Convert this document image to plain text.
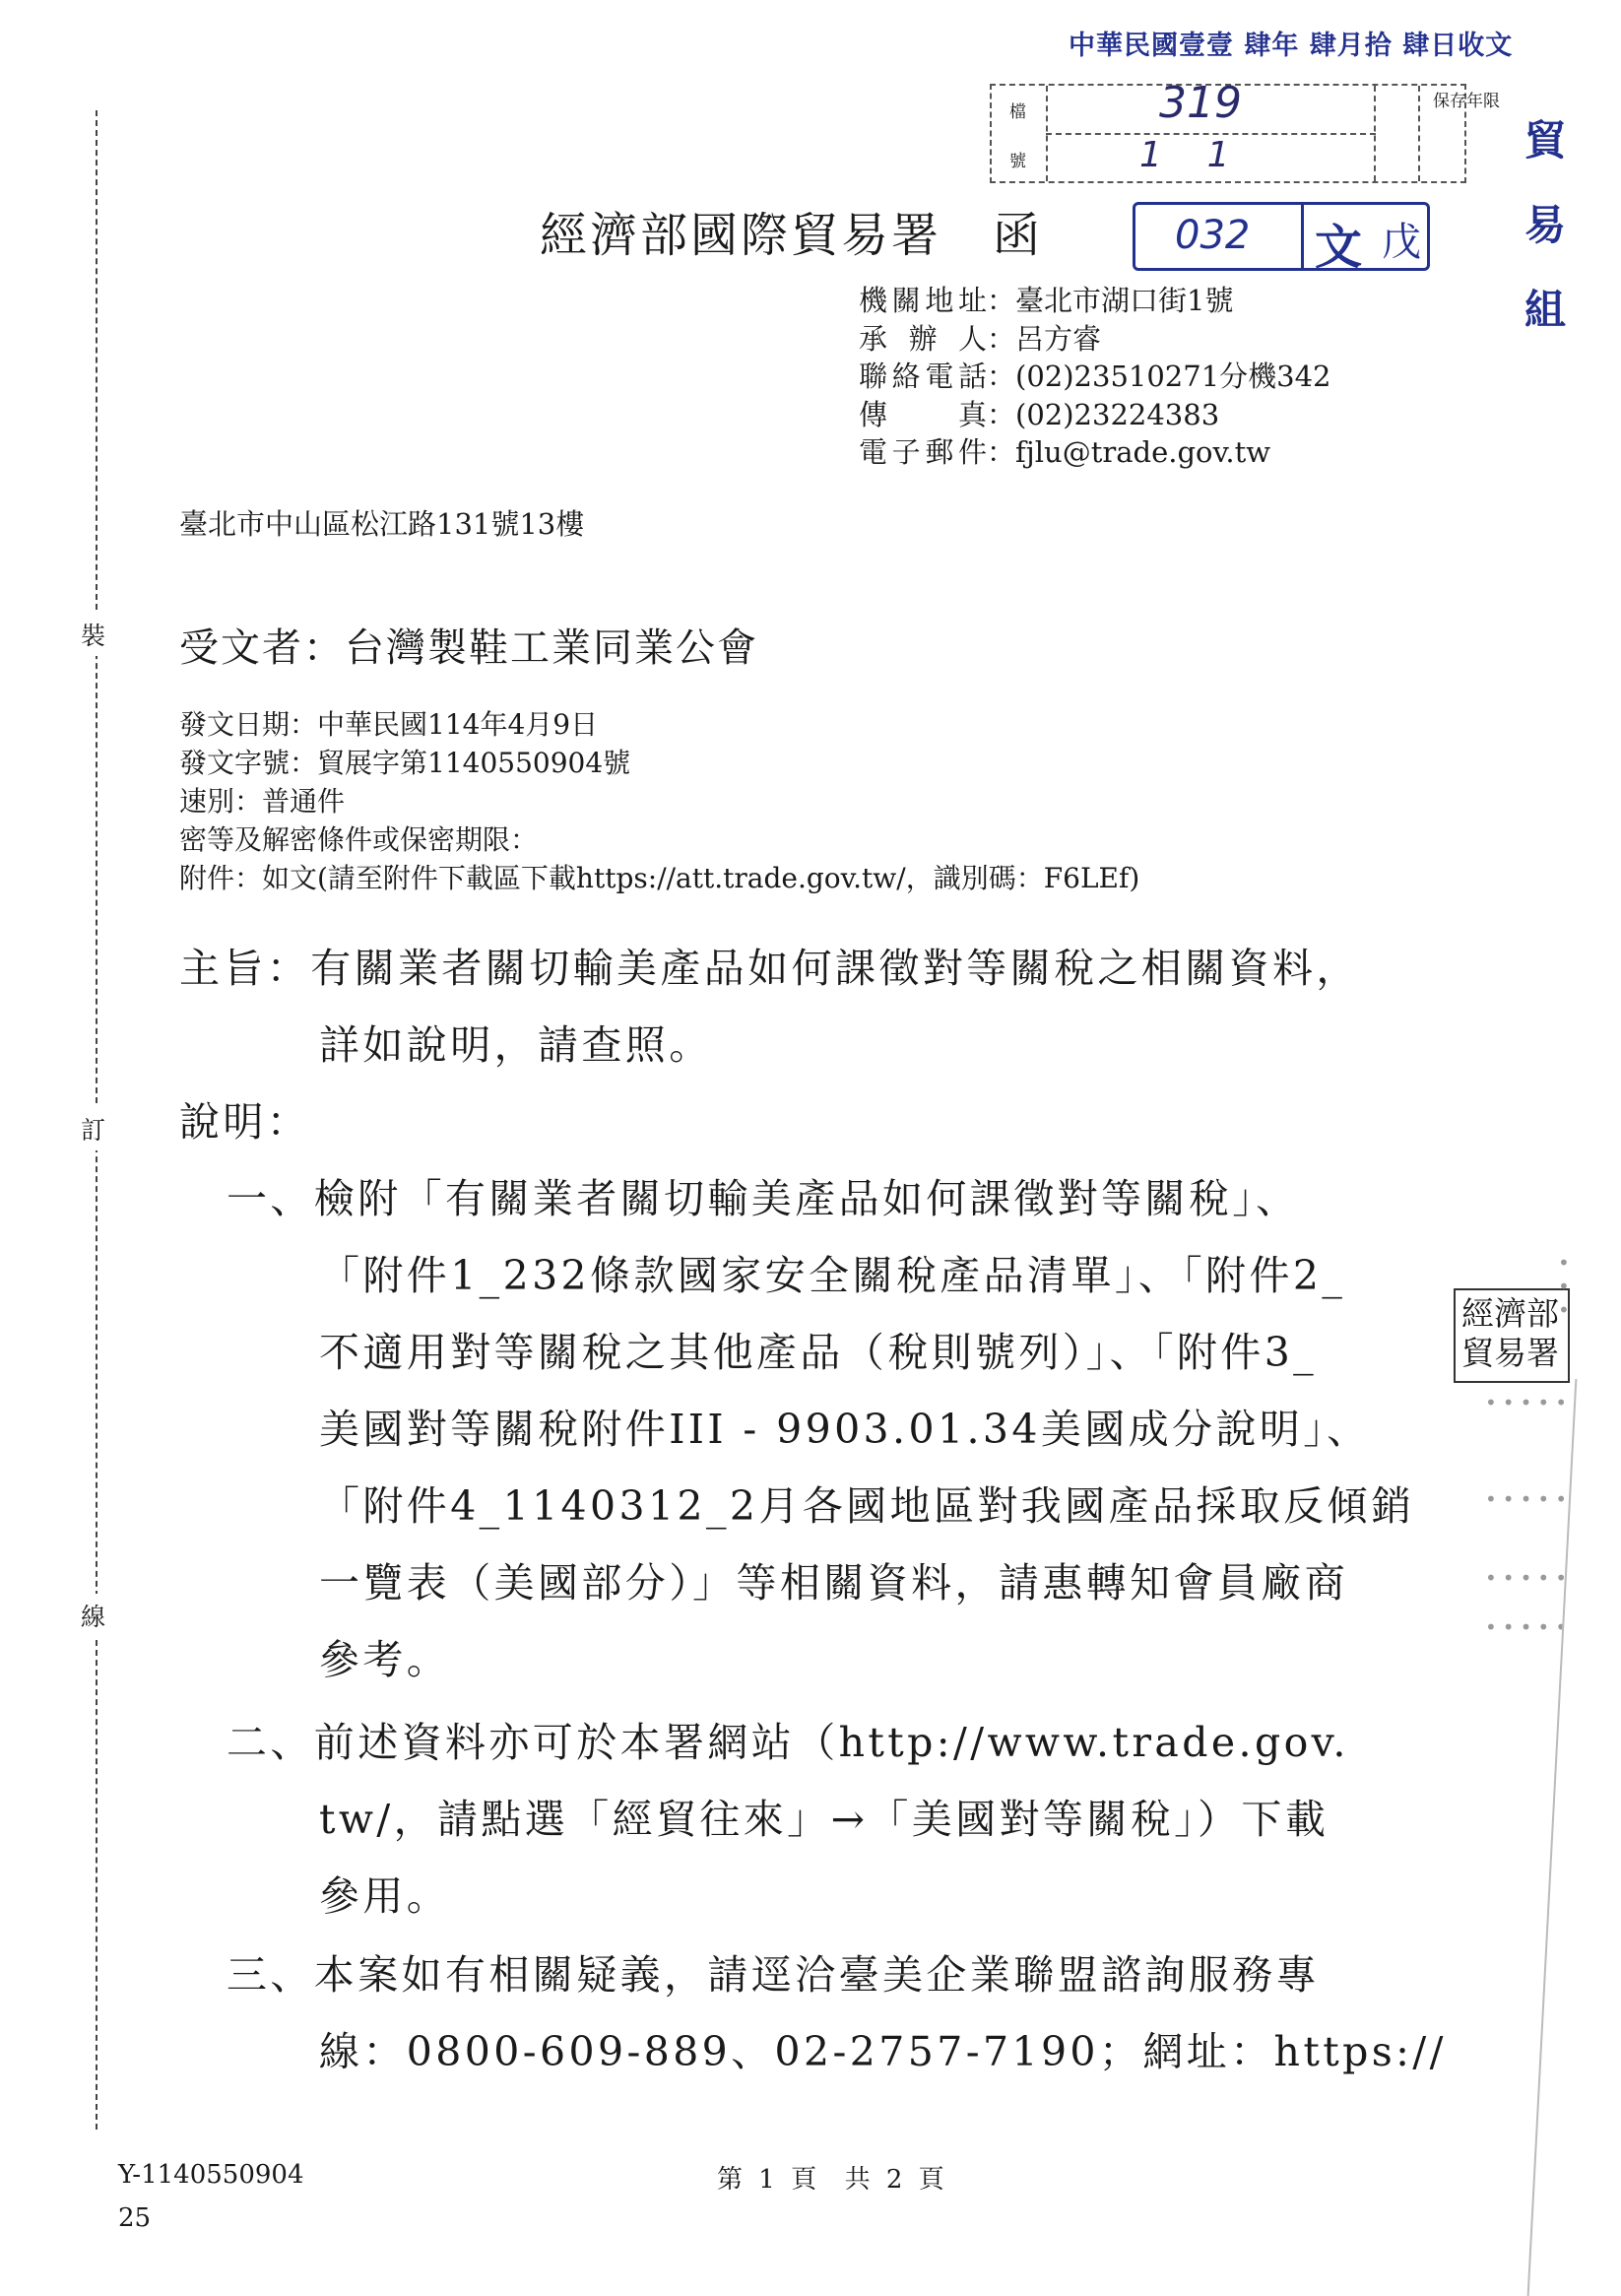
中華民國壹壹 肆年 肆月拾 肆日收文
檔
號
保存年限
319
1    1	貿
易
組
經濟部國際貿易署 函	032 文 戊
機關地址 ： 臺北市湖口街1號
承辦人 ： 呂方睿
聯絡電話 ： (02)23510271分機342
傳真 ： (02)23224383
電子郵件 ： fjlu@trade.gov.tw
臺北市中山區松江路131號13樓
裝
訂
線
受文者：台灣製鞋工業同業公會
發文日期：中華民國114年4月9日
發文字號：貿展字第1140550904號
速別：普通件
密等及解密條件或保密期限：
附件：如文(請至附件下載區下載https://att.trade.gov.tw/，識別碼：F6LEf)
主旨：有關業者關切輸美產品如何課徵對等關稅之相關資料，
詳如說明，請查照。
說明：
一、檢附「有關業者關切輸美產品如何課徵對等關稅」、
「附件1_232條款國家安全關稅產品清單」、「附件2_
不適用對等關稅之其他產品（稅則號列）」、「附件3_
美國對等關稅附件III - 9903.01.34美國成分說明」、
「附件4_1140312_2月各國地區對我國產品採取反傾銷
一覽表（美國部分）」等相關資料，請惠轉知會員廠商
參考。
二、前述資料亦可於本署網站（http://www.trade.gov.
tw/，請點選「經貿往來」→「美國對等關稅」）下載
參用。
三、本案如有相關疑義，請逕洽臺美企業聯盟諮詢服務專
線：0800-609-889、02-2757-7190；網址：https://
經濟部
貿易署
•
•
•
•••••
•••••
•••••
•••••
Y-1140550904
25
第 1 頁  共 2 頁
